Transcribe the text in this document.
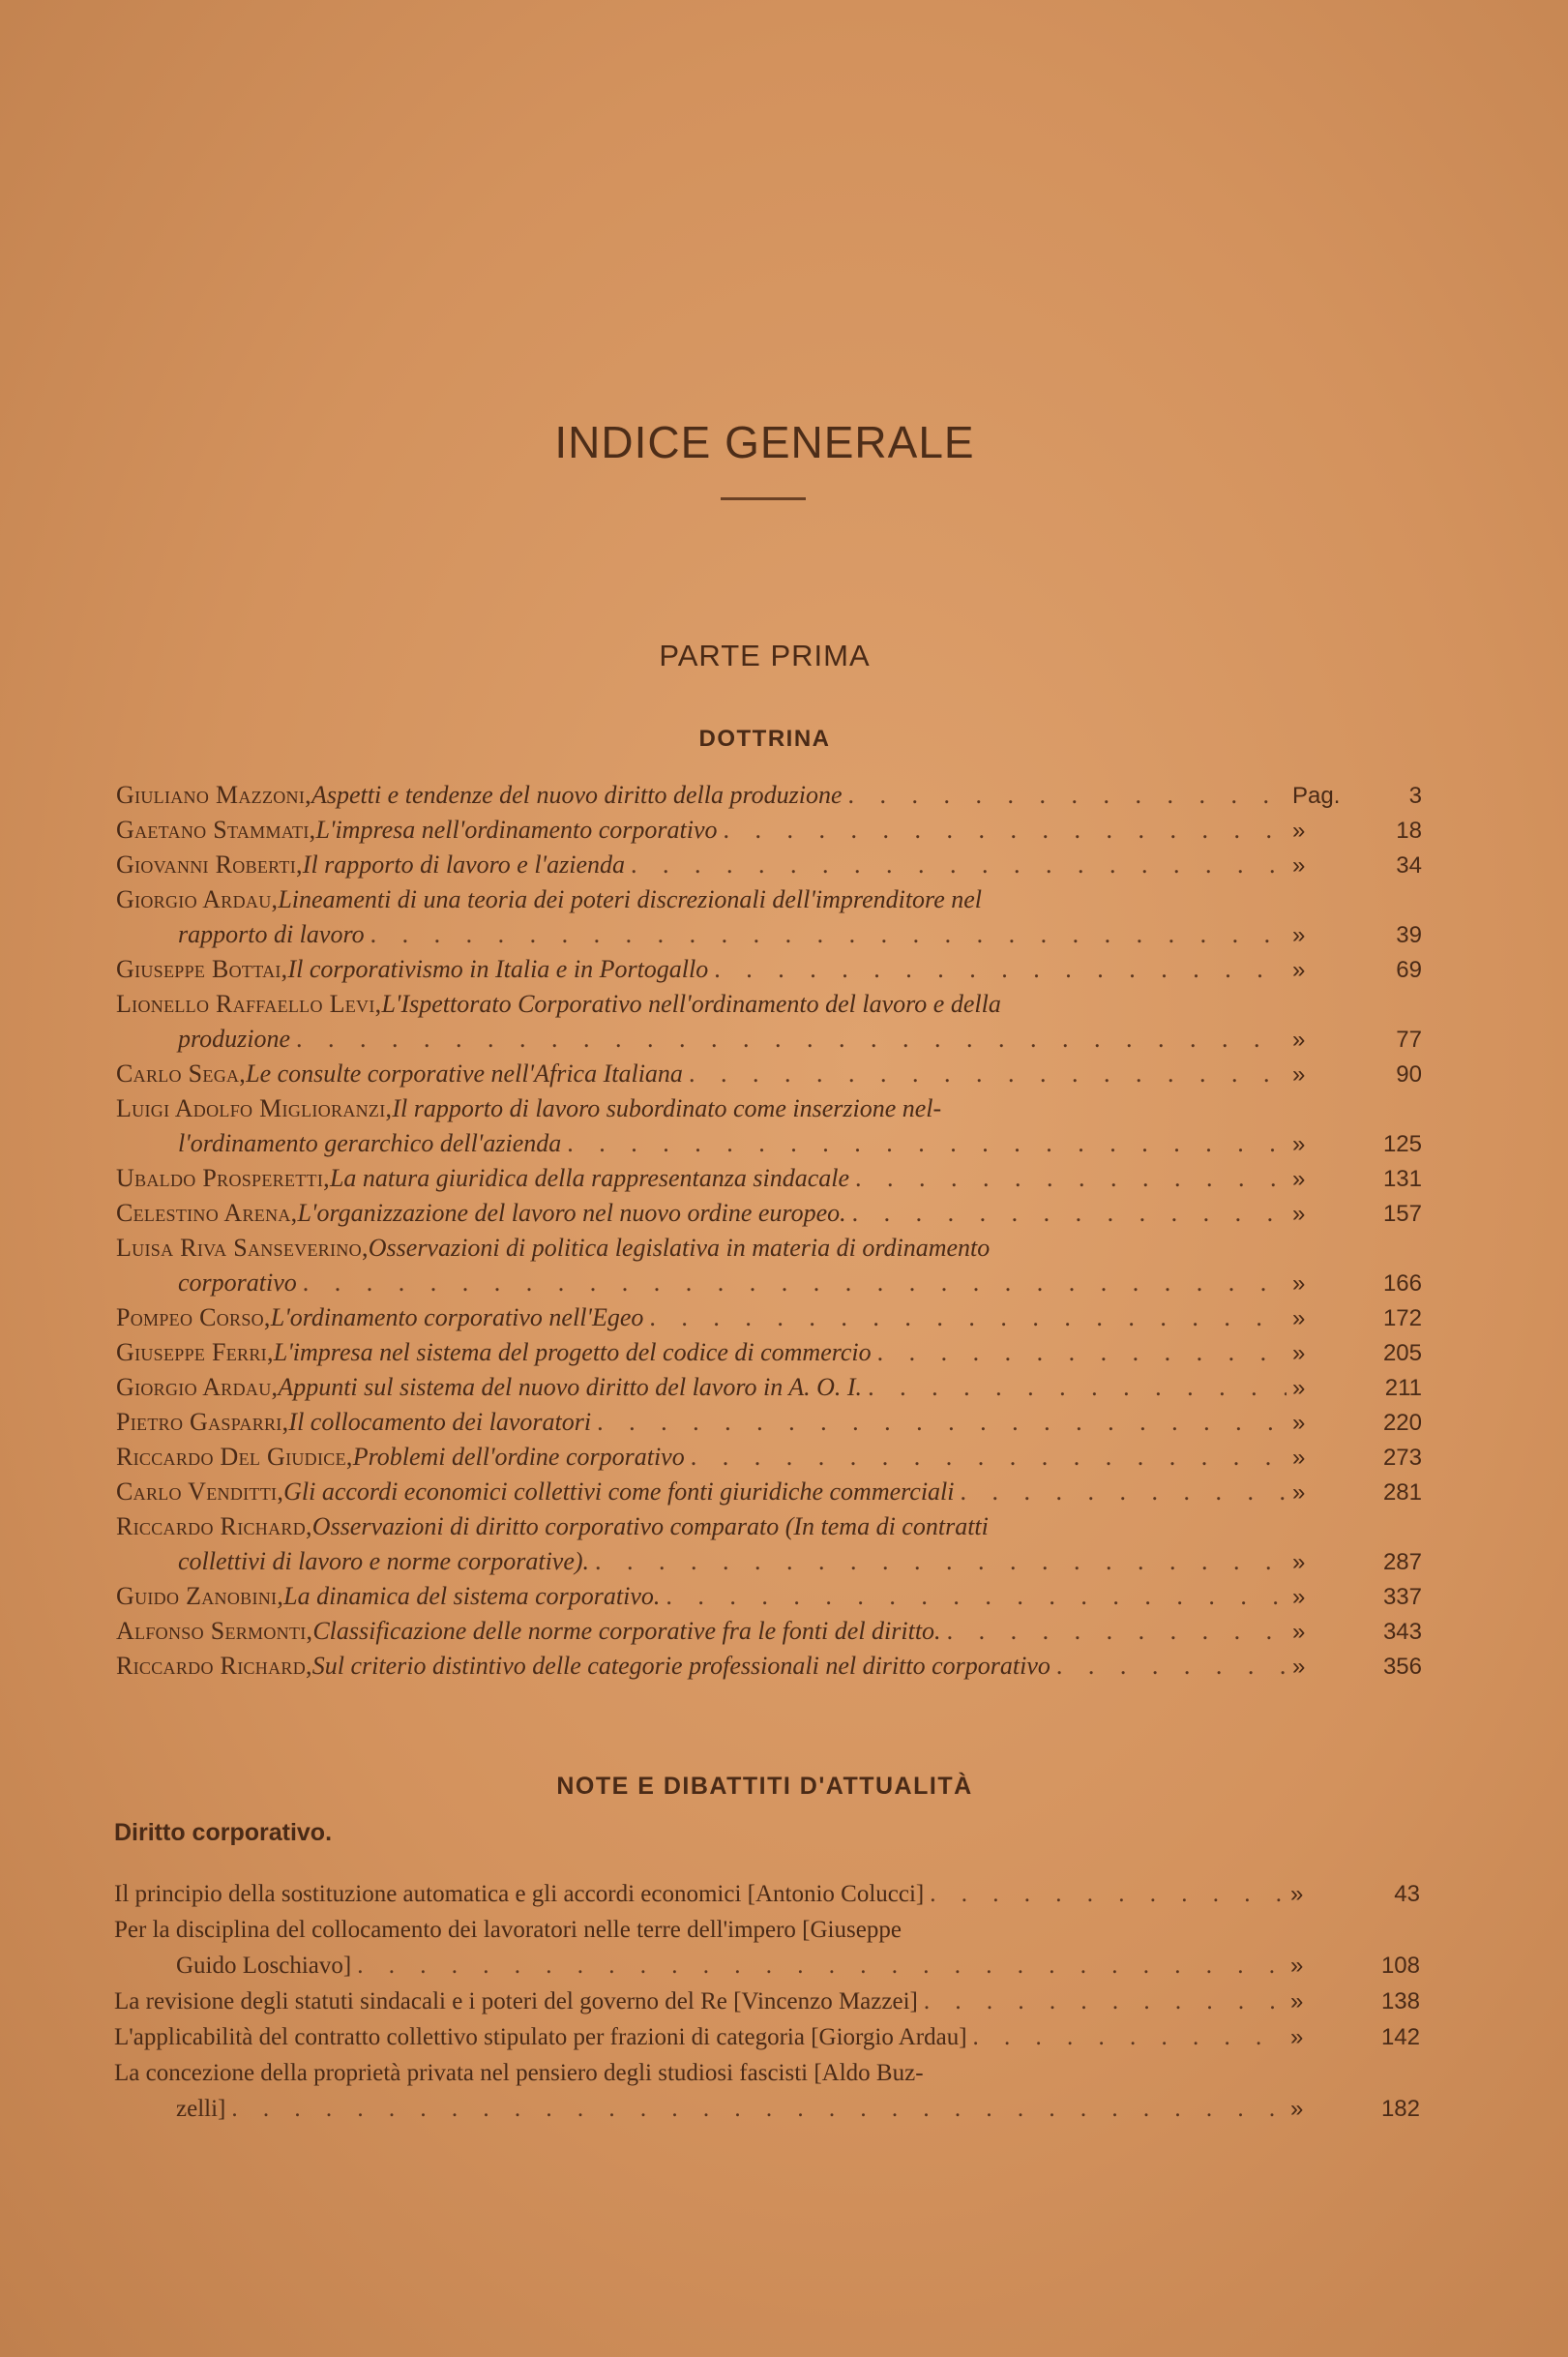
INDICE GENERALE
PARTE PRIMA
DOTTRINA
Giuliano Mazzoni, Aspetti e tendenze del nuovo diritto della produzione . . .	Pag.	3
Gaetano Stammati, L'impresa nell'ordinamento corporativo . . .	»	18
Giovanni Roberti, Il rapporto di lavoro e l'azienda . . .	»	34
Giorgio Ardau, Lineamenti di una teoria dei poteri discrezionali dell'imprenditore nel
rapporto di lavoro . . .	»	39
Giuseppe Bottai, Il corporativismo in Italia e in Portogallo . . .	»	69
Lionello Raffaello Levi, L'Ispettorato Corporativo nell'ordinamento del lavoro e della
produzione . . .	»	77
Carlo Sega, Le consulte corporative nell'Africa Italiana . . .	»	90
Luigi Adolfo Miglioranzi, Il rapporto di lavoro subordinato come inserzione nel-
l'ordinamento gerarchico dell'azienda . . .	»	125
Ubaldo Prosperetti, La natura giuridica della rappresentanza sindacale . . .	»	131
Celestino Arena, L'organizzazione del lavoro nel nuovo ordine europeo. . . .	»	157
Luisa Riva Sanseverino, Osservazioni di politica legislativa in materia di ordinamento
corporativo . . .	»	166
Pompeo Corso, L'ordinamento corporativo nell'Egeo . . .	»	172
Giuseppe Ferri, L'impresa nel sistema del progetto del codice di commercio . . .	»	205
Giorgio Ardau, Appunti sul sistema del nuovo diritto del lavoro in A. O. I. . . .	»	211
Pietro Gasparri, Il collocamento dei lavoratori . . .	»	220
Riccardo Del Giudice, Problemi dell'ordine corporativo . . .	»	273
Carlo Venditti, Gli accordi economici collettivi come fonti giuridiche commerciali . . .	»	281
Riccardo Richard, Osservazioni di diritto corporativo comparato (In tema di contratti
collettivi di lavoro e norme corporative). . . .	»	287
Guido Zanobini, La dinamica del sistema corporativo. . . .	»	337
Alfonso Sermonti, Classificazione delle norme corporative fra le fonti del diritto. . . .	»	343
Riccardo Richard, Sul criterio distintivo delle categorie professionali nel diritto corporativo . . .	»	356
NOTE E DIBATTITI D'ATTUALITÀ
Diritto corporativo.
Il principio della sostituzione automatica e gli accordi economici [Antonio Colucci] . . .	»	43
Per la disciplina del collocamento dei lavoratori nelle terre dell'impero [Giuseppe
Guido Loschiavo] . . .	»	108
La revisione degli statuti sindacali e i poteri del governo del Re [Vincenzo Mazzei] . . .	»	138
L'applicabilità del contratto collettivo stipulato per frazioni di categoria [Giorgio Ardau] . . .	»	142
La concezione della proprietà privata nel pensiero degli studiosi fascisti [Aldo Buz-
zelli] . . .	»	182
